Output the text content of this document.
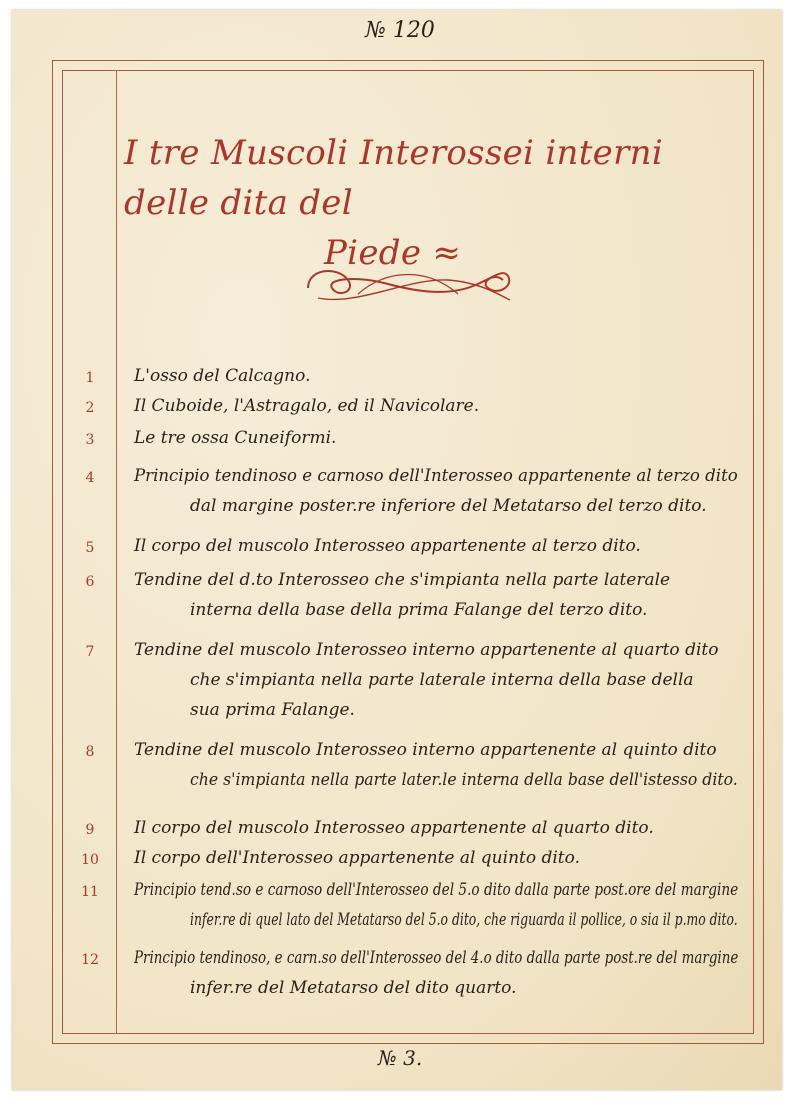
№ 120
I tre Muscoli Interossei interni delle dita del
Piede ≈
1	L'osso del Calcagno.
2	Il Cuboide, l'Astragalo, ed il Navicolare.
3	Le tre ossa Cuneiformi.
4	Principio tendinoso e carnoso dell'Interosseo appartenente al terzo dito
dal margine poster.re inferiore del Metatarso del terzo dito.
5	Il corpo del muscolo Interosseo appartenente al terzo dito.
6	Tendine del d.to Interosseo che s'impianta nella parte laterale
interna della base della prima Falange del terzo dito.
7	Tendine del muscolo Interosseo interno appartenente al quarto dito
che s'impianta nella parte laterale interna della base della
sua prima Falange.
8	Tendine del muscolo Interosseo interno appartenente al quinto dito
che s'impianta nella parte later.le interna della base dell'istesso dito.
9	Il corpo del muscolo Interosseo appartenente al quarto dito.
10	Il corpo dell'Interosseo appartenente al quinto dito.
11	Principio tend.so e carnoso dell'Interosseo del 5.o dito dalla parte post.ore del margine
infer.re di quel lato del Metatarso del 5.o dito, che riguarda il pollice, o sia il p.mo dito.
12	Principio tendinoso, e carn.so dell'Interosseo del 4.o dito dalla parte post.re del margine
infer.re del Metatarso del dito quarto.
№ 3.
